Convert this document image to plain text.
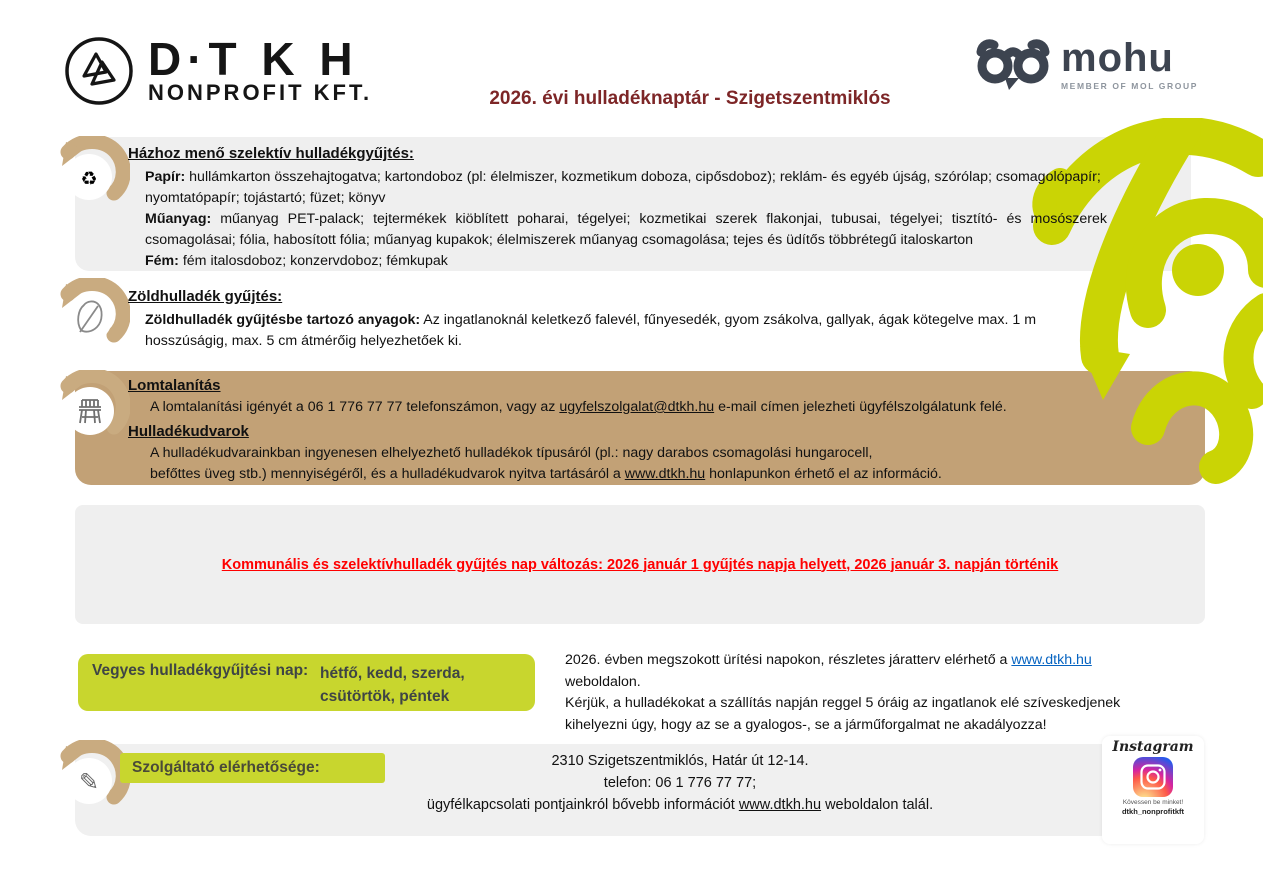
D·T K H
NONPROFIT KFT.	2026. évi hulladéknaptár - Szigetszentmiklós
mohu
MEMBER OF MOL GROUP
Kommunális és szelektívhulladék gyűjtés nap változás: 2026 január 1 gyűjtés napja helyett, 2026 január 3. napján történik
♻
✎
Házhoz menő szelektív hulladékgyűjtés:

Papír: hullámkarton összehajtogatva; kartondoboz (pl: élelmiszer, kozmetikum doboza, cipősdoboz); reklám- és egyéb újság, szórólap; csomagolópapír; nyomtatópapír; tojástartó; füzet; könyv

Műanyag: műanyag PET-palack; tejtermékek kiöblített poharai, tégelyei; kozmetikai szerek flakonjai, tubusai, tégelyei; tisztító- és mosószerek csomagolásai; fólia, habosított fólia; műanyag kupakok; élelmiszerek műanyag csomagolása; tejes és üdítős többrétegű italoskarton

Fém: fém italosdoboz; konzervdoboz; fémkupak

Zöldhulladék gyűjtés:

Zöldhulladék gyűjtésbe tartozó anyagok: Az ingatlanoknál keletkező falevél, fűnyesedék, gyom zsákolva, gallyak, ágak kötegelve max. 1 m hosszúságig, max. 5 cm átmérőig helyezhetőek ki.

Lomtalanítás

A lomtalanítási igényét a 06 1 776 77 77 telefonszámon, vagy az ugyfelszolgalat@dtkh.hu e-mail címen jelezheti ügyfélszolgálatunk felé.

Hulladékudvarok

A hulladékudvarainkban ingyenesen elhelyezhető hulladékok típusáról (pl.: nagy darabos csomagolási hungarocell,

befőttes üveg stb.) mennyiségéről, és a hulladékudvarok nyitva tartásáról a www.dtkh.hu honlapunkon érhető el az információ.

Vegyes hulladékgyűjtési nap: hétfő, kedd, szerda,
csütörtök, péntek

2026. évben megszokott ürítési napokon, részletes járatterv elérhető a www.dtkh.hu weboldalon.

Kérjük, a hulladékokat a szállítás napján reggel 5 óráig az ingatlanok elé szíveskedjenek kihelyezni úgy, hogy az se a gyalogos-, se a járműforgalmat ne akadályozza!

Szolgáltató elérhetősége:	2310 Szigetszentmiklós, Határ út 12-14.

telefon: 06 1 776 77 77;

ügyfélkapcsolati pontjainkról bővebb információt www.dtkh.hu weboldalon talál.

Instagram
Kövessen be minket!
dtkh_nonprofitkft
